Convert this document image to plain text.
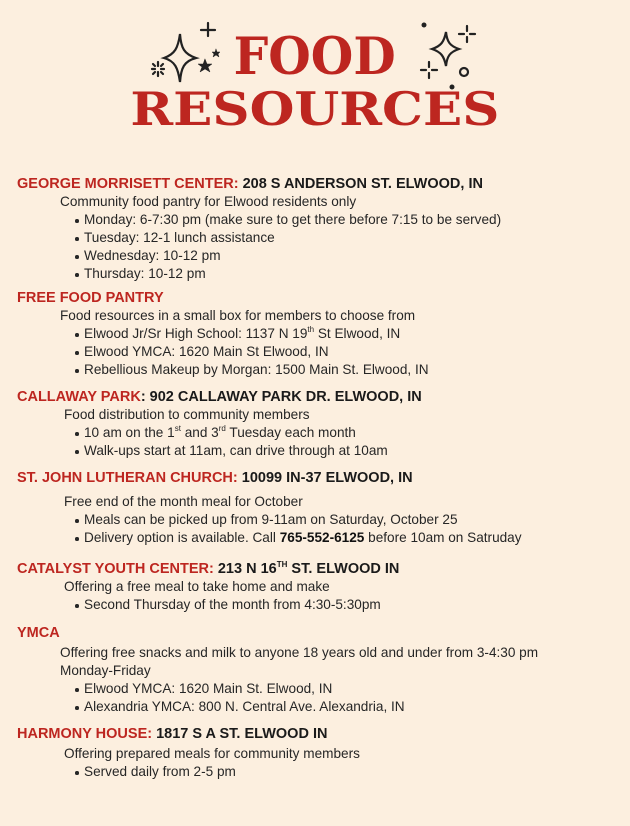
FOOD
RESOURCES
GEORGE MORRISETT CENTER: 208 S ANDERSON ST. ELWOOD, IN
Community food pantry for Elwood residents only
Monday: 6-7:30 pm (make sure to get there before 7:15 to be served)
Tuesday: 12-1 lunch assistance
Wednesday: 10-12 pm
Thursday: 10-12 pm
FREE FOOD PANTRY
Food resources in a small box for members to choose from
Elwood Jr/Sr High School: 1137 N 19th St Elwood, IN
Elwood YMCA: 1620 Main St Elwood, IN
Rebellious Makeup by Morgan: 1500 Main St. Elwood, IN
CALLAWAY PARK: 902 CALLAWAY PARK DR. ELWOOD, IN
Food distribution to community members
10 am on the 1st and 3rd Tuesday each month
Walk-ups start at 11am, can drive through at 10am
ST. JOHN LUTHERAN CHURCH: 10099 IN-37 ELWOOD, IN
Free end of the month meal for October
Meals can be picked up from 9-11am on Saturday, October 25
Delivery option is available. Call 765-552-6125 before 10am on Satruday
CATALYST YOUTH CENTER: 213 N 16TH ST. ELWOOD IN
Offering a free meal to take home and make
Second Thursday of the month from 4:30-5:30pm
YMCA
Offering free snacks and milk to anyone 18 years old and under from 3-4:30 pm
Monday-Friday
Elwood YMCA: 1620 Main St. Elwood, IN
Alexandria YMCA: 800 N. Central Ave. Alexandria, IN
HARMONY HOUSE: 1817 S A ST. ELWOOD IN
Offering prepared meals for community members
Served daily from 2-5 pm
